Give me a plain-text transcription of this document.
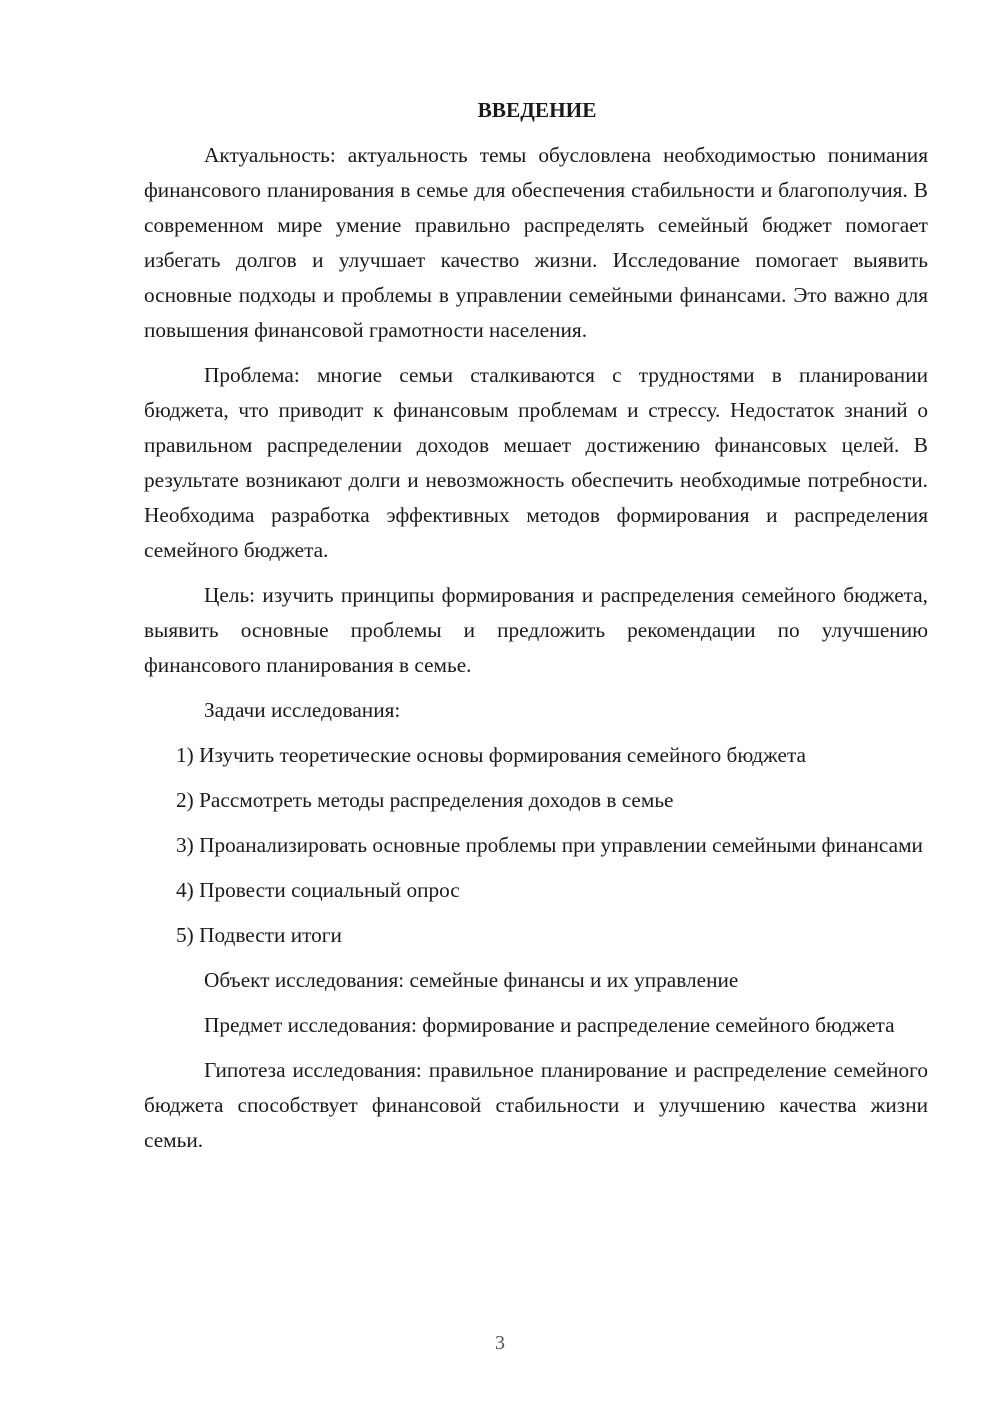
ВВЕДЕНИЕ

Актуальность: актуальность темы обусловлена необходимостью понимания финансового планирования в семье для обеспечения стабильности и благополучия. В современном мире умение правильно распределять семейный бюджет помогает избегать долгов и улучшает качество жизни. Исследование помогает выявить основные подходы и проблемы в управлении семейными финансами. Это важно для повышения финансовой грамотности населения.

Проблема: многие семьи сталкиваются с трудностями в планировании бюджета, что приводит к финансовым проблемам и стрессу. Недостаток знаний о правильном распределении доходов мешает достижению финансовых целей. В результате возникают долги и невозможность обеспечить необходимые потребности. Необходима разработка эффективных методов формирования и распределения семейного бюджета.

Цель: изучить принципы формирования и распределения семейного бюджета, выявить основные проблемы и предложить рекомендации по улучшению финансового планирования в семье.

Задачи исследования:

1) Изучить теоретические основы формирования семейного бюджета

2) Рассмотреть методы распределения доходов в семье

3) Проанализировать основные проблемы при управлении семейными финансами

4) Провести социальный опрос

5) Подвести итоги

Объект исследования: семейные финансы и их управление

Предмет исследования: формирование и распределение семейного бюджета

Гипотеза исследования: правильное планирование и распределение семейного бюджета способствует финансовой стабильности и улучшению качества жизни семьи.

3
